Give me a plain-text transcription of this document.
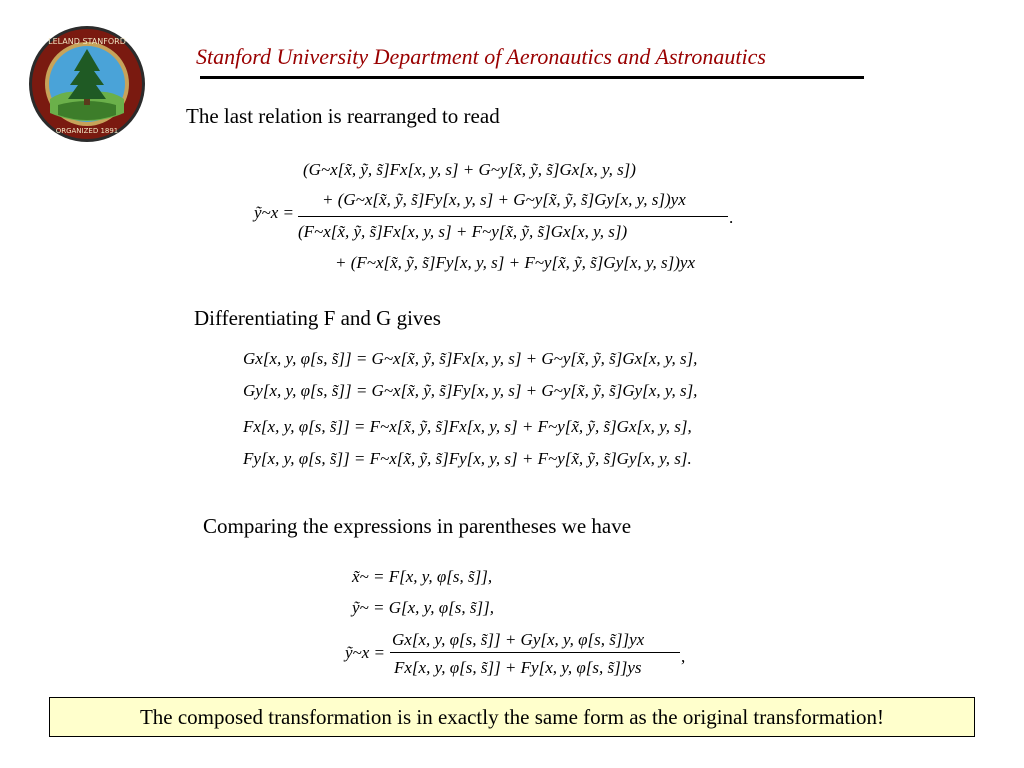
LELAND STANFORD
ORGANIZED 1891
Stanford University Department of Aeronautics and Astronautics
The last relation is rearranged to read
ỹ~x =
(G~x[x̃, ỹ, s̃]Fx[x, y, s] + G~y[x̃, ỹ, s̃]Gx[x, y, s])
+ (G~x[x̃, ỹ, s̃]Fy[x, y, s] + G~y[x̃, ỹ, s̃]Gy[x, y, s])yx
(F~x[x̃, ỹ, s̃]Fx[x, y, s] + F~y[x̃, ỹ, s̃]Gx[x, y, s])
+ (F~x[x̃, ỹ, s̃]Fy[x, y, s] + F~y[x̃, ỹ, s̃]Gy[x, y, s])yx
.
Differentiating F and G gives
Gx[x, y, φ[s, s̃]] = G~x[x̃, ỹ, s̃]Fx[x, y, s] + G~y[x̃, ỹ, s̃]Gx[x, y, s],
Gy[x, y, φ[s, s̃]] = G~x[x̃, ỹ, s̃]Fy[x, y, s] + G~y[x̃, ỹ, s̃]Gy[x, y, s],
Fx[x, y, φ[s, s̃]] = F~x[x̃, ỹ, s̃]Fx[x, y, s] + F~y[x̃, ỹ, s̃]Gx[x, y, s],
Fy[x, y, φ[s, s̃]] = F~x[x̃, ỹ, s̃]Fy[x, y, s] + F~y[x̃, ỹ, s̃]Gy[x, y, s].
Comparing the expressions in parentheses we have
x̃~ = F[x, y, φ[s, s̃]],
ỹ~ = G[x, y, φ[s, s̃]],
ỹ~x =
Gx[x, y, φ[s, s̃]] + Gy[x, y, φ[s, s̃]]yx
Fx[x, y, φ[s, s̃]] + Fy[x, y, φ[s, s̃]]ys
,
The composed transformation is in exactly the same form as the original transformation!
